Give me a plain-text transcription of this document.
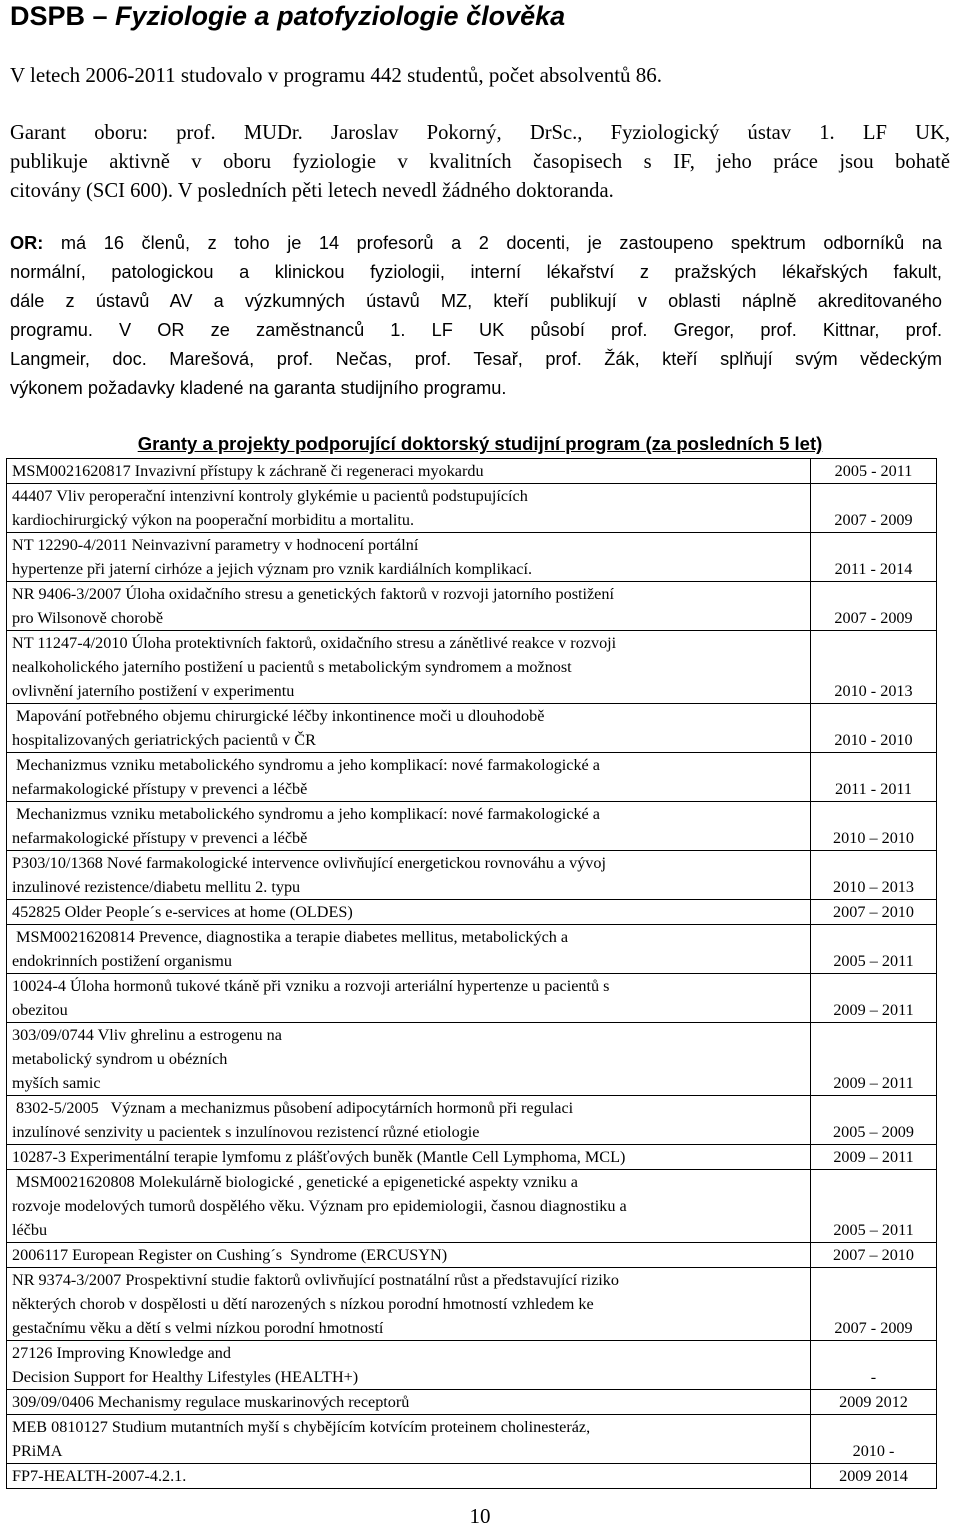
DSPB – Fyziologie a patofyziologie člověka

V letech 2006-2011 studovalo v programu 442 studentů, počet absolventů 86.

Garant oboru: prof. MUDr. Jaroslav Pokorný, DrSc., Fyziologický ústav 1. LF UK,
publikuje aktivně v oboru fyziologie v kvalitních časopisech s IF, jeho práce jsou bohatě
citovány (SCI 600). V posledních pěti letech nevedl žádného doktoranda.

OR: má 16 členů, z toho je 14 profesorů a 2 docenti, je zastoupeno spektrum odborníků na
normální, patologickou a klinickou fyziologii, interní lékařství z pražských lékařských fakult,
dále z ústavů AV a výzkumných ústavů MZ, kteří publikují v oblasti náplně akreditovaného
programu. V OR ze zaměstnanců 1. LF UK působí prof. Gregor, prof. Kittnar, prof.
Langmeir, doc. Marešová, prof. Nečas, prof. Tesař, prof. Žák, kteří splňují svým vědeckým
výkonem požadavky kladené na garanta studijního programu.

Granty a projekty podporující doktorský studijní program (za posledních 5 let)
MSM0021620817 Invazivní přístupy k záchraně či regeneraci myokardu	2005 - 2011
44407 Vliv peroperační intenzivní kontroly glykémie u pacientů podstupujících
kardiochirurgický výkon na pooperační morbiditu a mortalitu.	2007 - 2009
NT 12290-4/2011 Neinvazivní parametry v hodnocení portální
hypertenze při jaterní cirhóze a jejich význam pro vznik kardiálních komplikací.	2011 - 2014
NR 9406-3/2007 Úloha oxidačního stresu a genetických faktorů v rozvoji jatorního postižení
pro Wilsonově chorobě	2007 - 2009
NT 11247-4/2010 Úloha protektivních faktorů, oxidačního stresu a zánětlivé reakce v rozvoji
nealkoholického jaterního postižení u pacientů s metabolickým syndromem a možnost
ovlivnění jaterního postižení v experimentu	2010 - 2013
Mapování potřebného objemu chirurgické léčby inkontinence moči u dlouhodobě
hospitalizovaných geriatrických pacientů v ČR	2010 - 2010
Mechanizmus vzniku metabolického syndromu a jeho komplikací: nové farmakologické a
nefarmakologické přístupy v prevenci a léčbě	2011 - 2011
Mechanizmus vzniku metabolického syndromu a jeho komplikací: nové farmakologické a
nefarmakologické přístupy v prevenci a léčbě	2010 – 2010
P303/10/1368 Nové farmakologické intervence ovlivňující energetickou rovnováhu a vývoj
inzulinové rezistence/diabetu mellitu 2. typu	2010 – 2013
452825 Older People´s e-services at home (OLDES)	2007 – 2010
MSM0021620814 Prevence, diagnostika a terapie diabetes mellitus, metabolických a
endokrinních postižení organismu	2005 – 2011
10024-4 Úloha hormonů tukové tkáně při vzniku a rozvoji arteriální hypertenze u pacientů s
obezitou	2009 – 2011
303/09/0744 Vliv ghrelinu a estrogenu na
metabolický syndrom u obézních
myších samic	2009 – 2011
8302-5/2005   Význam a mechanizmus působení adipocytárních hormonů při regulaci
inzulínové senzivity u pacientek s inzulínovou rezistencí různé etiologie	2005 – 2009
10287-3 Experimentální terapie lymfomu z plášťových buněk (Mantle Cell Lymphoma, MCL)	2009 – 2011
MSM0021620808 Molekulárně biologické , genetické a epigenetické aspekty vzniku a
rozvoje modelových tumorů dospělého věku. Význam pro epidemiologii, časnou diagnostiku a
léčbu	2005 – 2011
2006117 European Register on Cushing´s  Syndrome (ERCUSYN)	2007 – 2010
NR 9374-3/2007 Prospektivní studie faktorů ovlivňující postnatální růst a představující riziko
některých chorob v dospělosti u dětí narozených s nízkou porodní hmotností vzhledem ke
gestačnímu věku a dětí s velmi nízkou porodní hmotností	2007 - 2009
27126 Improving Knowledge and
Decision Support for Healthy Lifestyles (HEALTH+)	-
309/09/0406 Mechanismy regulace muskarinových receptorů	2009 2012
MEB 0810127 Studium mutantních myší s chybějícím kotvícím proteinem cholinesteráz,
PRiMA	2010 -
FP7-HEALTH-2007-4.2.1.	2009 2014
10
